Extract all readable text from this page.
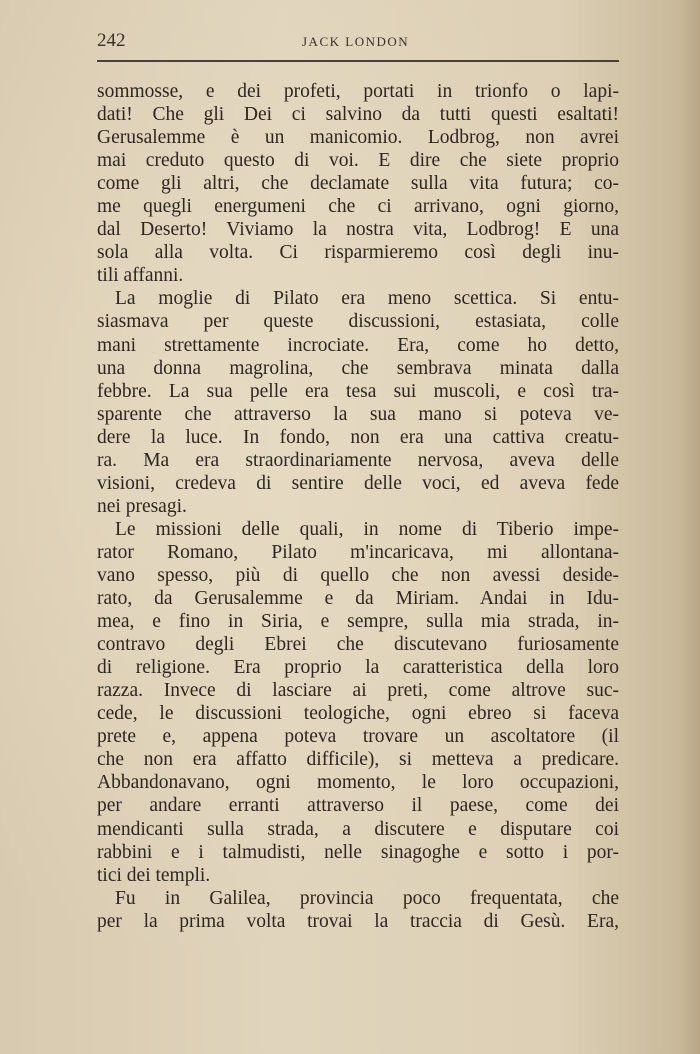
242	JACK LONDON

sommosse, e dei profeti, portati in trionfo o lapi-
dati! Che gli Dei ci salvino da tutti questi esaltati!
Gerusalemme è un manicomio. Lodbrog, non avrei
mai creduto questo di voi. E dire che siete proprio
come gli altri, che declamate sulla vita futura; co-
me quegli energumeni che ci arrivano, ogni giorno,
dal Deserto! Viviamo la nostra vita, Lodbrog! E una
sola alla volta. Ci risparmieremo così degli inu-
tili affanni.

La moglie di Pilato era meno scettica. Si entu-
siasmava per queste discussioni, estasiata, colle
mani strettamente incrociate. Era, come ho detto,
una donna magrolina, che sembrava minata dalla
febbre. La sua pelle era tesa sui muscoli, e così tra-
sparente che attraverso la sua mano si poteva ve-
dere la luce. In fondo, non era una cattiva creatu-
ra. Ma era straordinariamente nervosa, aveva delle
visioni, credeva di sentire delle voci, ed aveva fede
nei presagi.

Le missioni delle quali, in nome di Tiberio impe-
rator Romano, Pilato m'incaricava, mi allontana-
vano spesso, più di quello che non avessi deside-
rato, da Gerusalemme e da Miriam. Andai in Idu-
mea, e fino in Siria, e sempre, sulla mia strada, in-
contravo degli Ebrei che discutevano furiosamente
di religione. Era proprio la caratteristica della loro
razza. Invece di lasciare ai preti, come altrove suc-
cede, le discussioni teologiche, ogni ebreo si faceva
prete e, appena poteva trovare un ascoltatore (il
che non era affatto difficile), si metteva a predicare.
Abbandonavano, ogni momento, le loro occupazioni,
per andare erranti attraverso il paese, come dei
mendicanti sulla strada, a discutere e disputare coi
rabbini e i talmudisti, nelle sinagoghe e sotto i por-
tici dei templi.

Fu in Galilea, provincia poco frequentata, che
per la prima volta trovai la traccia di Gesù. Era,
